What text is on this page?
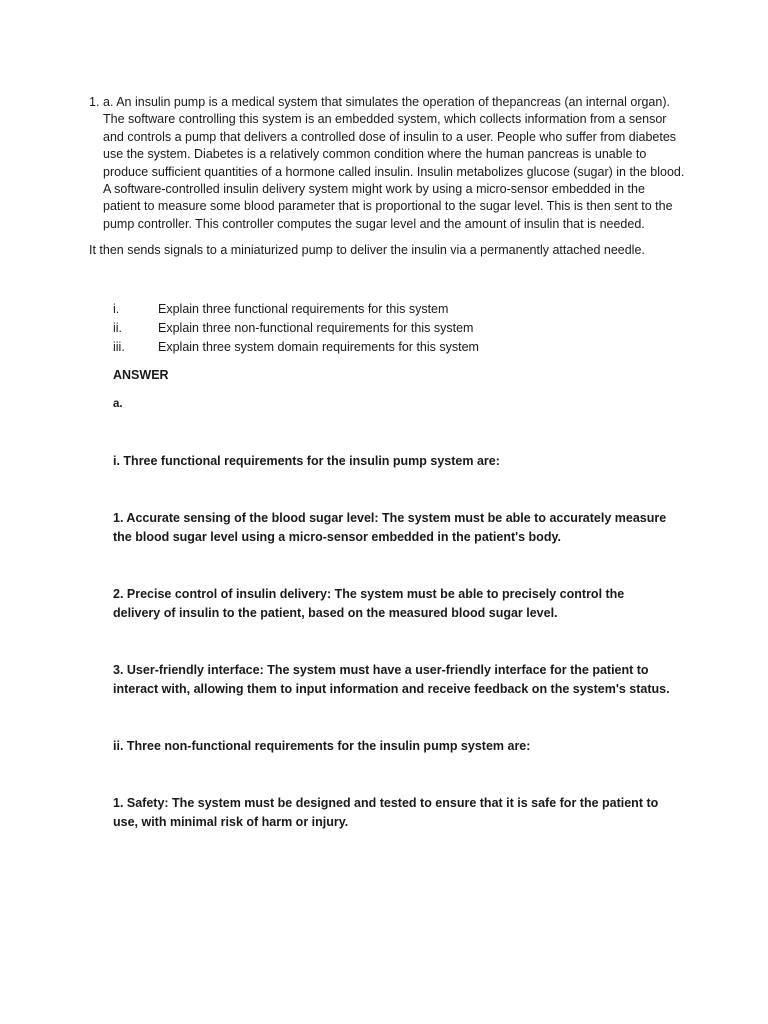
1. a. An insulin pump is a medical system that simulates the operation of thepancreas (an internal organ). The software controlling this system is an embedded system, which collects information from a sensor and controls a pump that delivers a controlled dose of insulin to a user. People who suffer from diabetes use the system. Diabetes is a relatively common condition where the human pancreas is unable to produce sufficient quantities of a hormone called insulin. Insulin metabolizes glucose (sugar) in the blood. A software-controlled insulin delivery system might work by using a micro-sensor embedded in the patient to measure some blood parameter that is proportional to the sugar level. This is then sent to the pump controller. This controller computes the sugar level and the amount of insulin that is needed.
It then sends signals to a miniaturized pump to deliver the insulin via a permanently attached needle.
i.	Explain three functional requirements for this system
ii.	Explain three non-functional requirements for this system
iii.	Explain three system domain requirements for this system
ANSWER
a.
i. Three functional requirements for the insulin pump system are:
1. Accurate sensing of the blood sugar level: The system must be able to accurately measure the blood sugar level using a micro-sensor embedded in the patient's body.
2. Precise control of insulin delivery: The system must be able to precisely control the delivery of insulin to the patient, based on the measured blood sugar level.
3. User-friendly interface: The system must have a user-friendly interface for the patient to interact with, allowing them to input information and receive feedback on the system's status.
ii. Three non-functional requirements for the insulin pump system are:
1. Safety: The system must be designed and tested to ensure that it is safe for the patient to use, with minimal risk of harm or injury.
